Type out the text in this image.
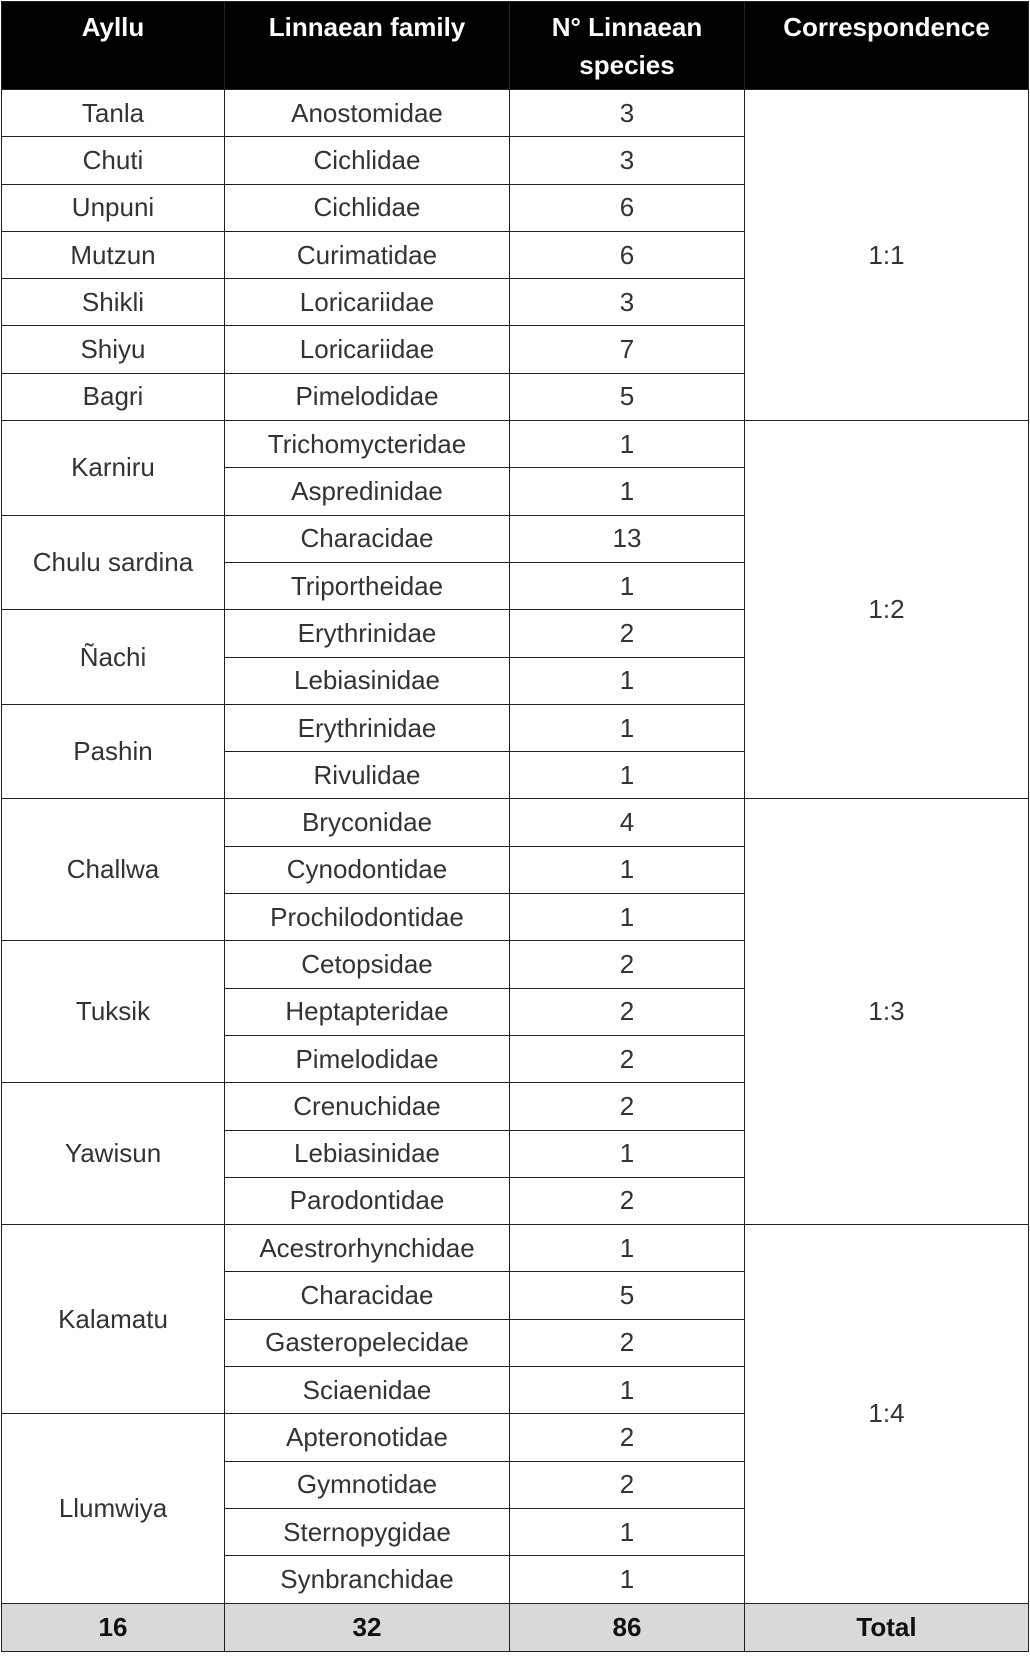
Ayllu	Linnaean family	N° Linnaean species	Correspondence
Tanla	Anostomidae	3	1:1
Chuti	Cichlidae	3	
Unpuni	Cichlidae	6	
Mutzun	Curimatidae	6	
Shikli	Loricariidae	3	
Shiyu	Loricariidae	7	
Bagri	Pimelodidae	5	
Karniru	Trichomycteridae	1	1:2
	Aspredinidae	1	
Chulu sardina	Characidae	13	
	Triportheidae	1	
Ñachi	Erythrinidae	2	
	Lebiasinidae	1	
Pashin	Erythrinidae	1	
	Rivulidae	1	
Challwa	Bryconidae	4	1:3
	Cynodontidae	1	
	Prochilodontidae	1	
Tuksik	Cetopsidae	2	
	Heptapteridae	2	
	Pimelodidae	2	
Yawisun	Crenuchidae	2	
	Lebiasinidae	1	
	Parodontidae	2	
Kalamatu	Acestrorhynchidae	1	1:4
	Characidae	5	
	Gasteropelecidae	2	
	Sciaenidae	1	
Llumwiya	Apteronotidae	2	
	Gymnotidae	2	
	Sternopygidae	1	
	Synbranchidae	1	
16	32	86	Total
